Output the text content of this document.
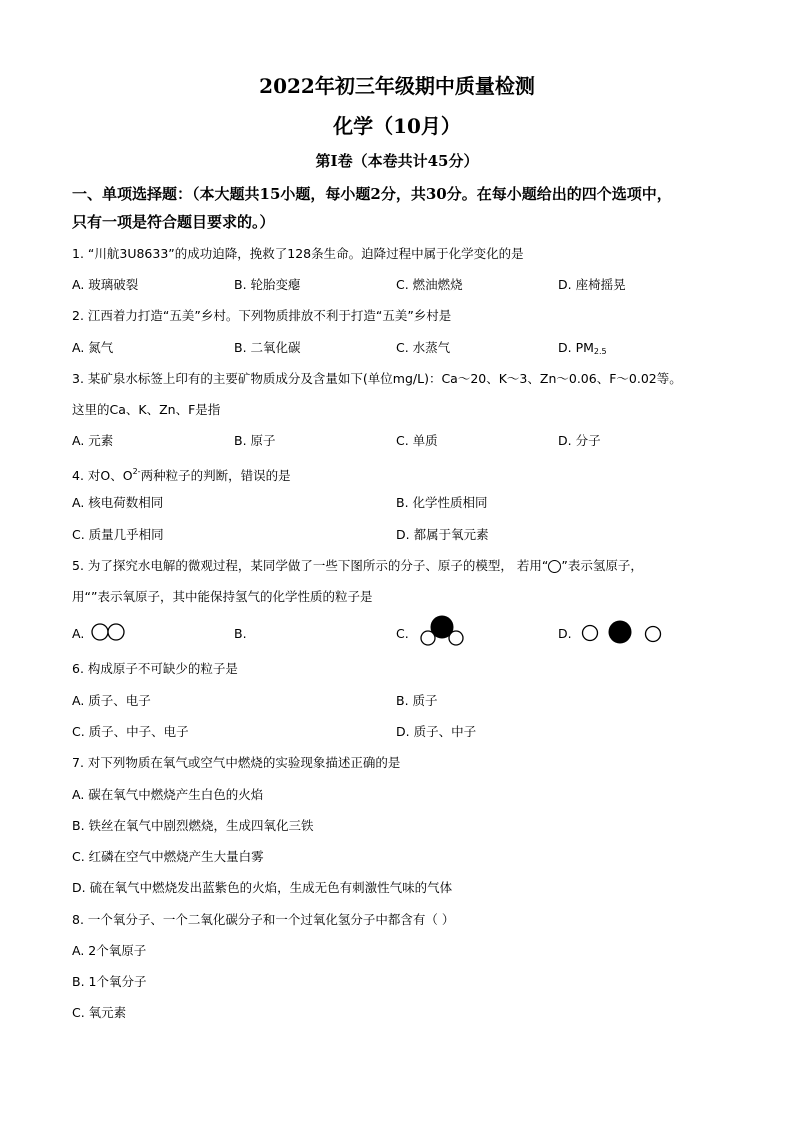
2022年初三年级期中质量检测
化学（10月）
第Ⅰ卷（本卷共计45分）
一、单项选择题：（本大题共15小题，每小题2分，共30分。在每小题给出的四个选项中，
只有一项是符合题目要求的。）
1. “川航3U8633”的成功迫降，挽救了128条生命。迫降过程中属于化学变化的是
A. 玻璃破裂	B. 轮胎变瘪	C. 燃油燃烧	D. 座椅摇晃
2. 江西着力打造“五美”乡村。下列物质排放不利于打造“五美”乡村是
A. 氮气	B. 二氧化碳	C. 水蒸气	D. $PM_{2.5}$
3. 某矿泉水标签上印有的主要矿物质成分及含量如下(单位mg/L)：Ca～20、K～3、Zn～0.06、F～0.02等。
这里的Ca、K、Zn、F是指
A. 元素	B. 原子	C. 单质	D. 分子
4. 对O、$O^{2-}$两种粒子的判断，错误的是
A. 核电荷数相同	B. 化学性质相同
C. 质量几乎相同	D. 都属于氧元素
5. 为了探究水电解的微观过程，某同学做了一些下图所示的分子、原子的模型， 若用“ ”表示氢原子，
用“”表示氧原子，其中能保持氢气的化学性质的粒子是
A.	B.	C.	D.
6. 构成原子不可缺少的粒子是
A. 质子、电子	B. 质子
C. 质子、中子、电子	D. 质子、中子
7. 对下列物质在氧气或空气中燃烧的实验现象描述正确的是
A. 碳在氧气中燃烧产生白色的火焰
B. 铁丝在氧气中剧烈燃烧，生成四氧化三铁
C. 红磷在空气中燃烧产生大量白雾
D. 硫在氧气中燃烧发出蓝紫色的火焰，生成无色有刺激性气味的气体
8. 一个氧分子、一个二氧化碳分子和一个过氧化氢分子中都含有（ ）
A. 2个氧原子
B. 1个氧分子
C. 氧元素
